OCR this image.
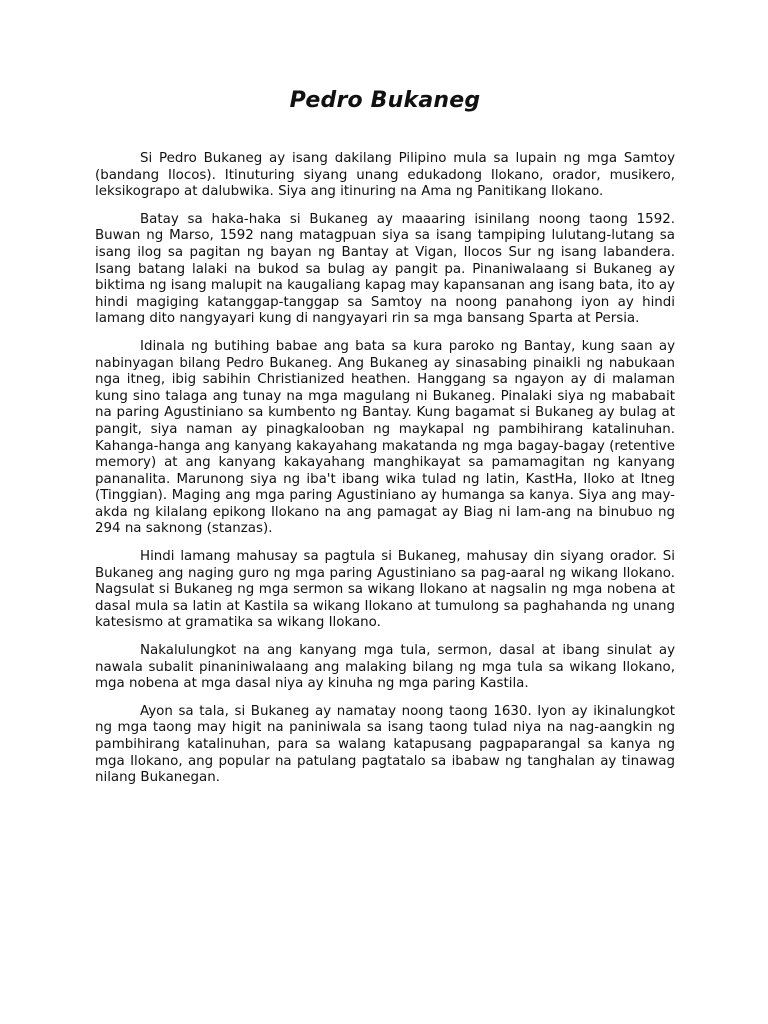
Pedro Bukaneg

Si Pedro Bukaneg ay isang dakilang Pilipino mula sa lupain ng mga Samtoy (bandang Ilocos). Itinuturing siyang unang edukadong Ilokano, orador, musikero, leksikograpo at dalubwika. Siya ang itinuring na Ama ng Panitikang Ilokano.

Batay sa haka-haka si Bukaneg ay maaaring isinilang noong taong 1592. Buwan ng Marso, 1592 nang matagpuan siya sa isang tampiping lulutang-lutang sa isang ilog sa pagitan ng bayan ng Bantay at Vigan, Ilocos Sur ng isang labandera. Isang batang lalaki na bukod sa bulag ay pangit pa. Pinaniwalaang si Bukaneg ay biktima ng isang malupit na kaugaliang kapag may kapansanan ang isang bata, ito ay hindi magiging katanggap-tanggap sa Samtoy na noong panahong iyon ay hindi lamang dito nangyayari kung di nangyayari rin sa mga bansang Sparta at Persia.

Idinala ng butihing babae ang bata sa kura paroko ng Bantay, kung saan ay nabinyagan bilang Pedro Bukaneg. Ang Bukaneg ay sinasabing pinaikli ng nabukaan nga itneg, ibig sabihin Christianized heathen. Hanggang sa ngayon ay di malaman kung sino talaga ang tunay na mga magulang ni Bukaneg. Pinalaki siya ng mababait na paring Agustiniano sa kumbento ng Bantay. Kung bagamat si Bukaneg ay bulag at pangit, siya naman ay pinagkalooban ng maykapal ng pambihirang katalinuhan. Kahanga-hanga ang kanyang kakayahang makatanda ng mga bagay-bagay (retentive memory) at ang kanyang kakayahang manghikayat sa pamamagitan ng kanyang pananalita. Marunong siya ng iba't ibang wika tulad ng latin, KastHa, Iloko at Itneg (Tinggian). Maging ang mga paring Agustiniano ay humanga sa kanya. Siya ang may-akda ng kilalang epikong Ilokano na ang pamagat ay Biag ni Iam-ang na binubuo ng 294 na saknong (stanzas).

Hindi lamang mahusay sa pagtula si Bukaneg, mahusay din siyang orador. Si Bukaneg ang naging guro ng mga paring Agustiniano sa pag-aaral ng wikang Ilokano. Nagsulat si Bukaneg ng mga sermon sa wikang Ilokano at nagsalin ng mga nobena at dasal mula sa latin at Kastila sa wikang Ilokano at tumulong sa paghahanda ng unang katesismo at gramatika sa wikang Ilokano.

Nakalulungkot na ang kanyang mga tula, sermon, dasal at ibang sinulat ay nawala subalit pinaniniwalaang ang malaking bilang ng mga tula sa wikang Ilokano, mga nobena at mga dasal niya ay kinuha ng mga paring Kastila.

Ayon sa tala, si Bukaneg ay namatay noong taong 1630. Iyon ay ikinalungkot ng mga taong may higit na paniniwala sa isang taong tulad niya na nag-aangkin ng pambihirang katalinuhan, para sa walang katapusang pagpaparangal sa kanya ng mga Ilokano, ang popular na patulang pagtatalo sa ibabaw ng tanghalan ay tinawag nilang Bukanegan.
